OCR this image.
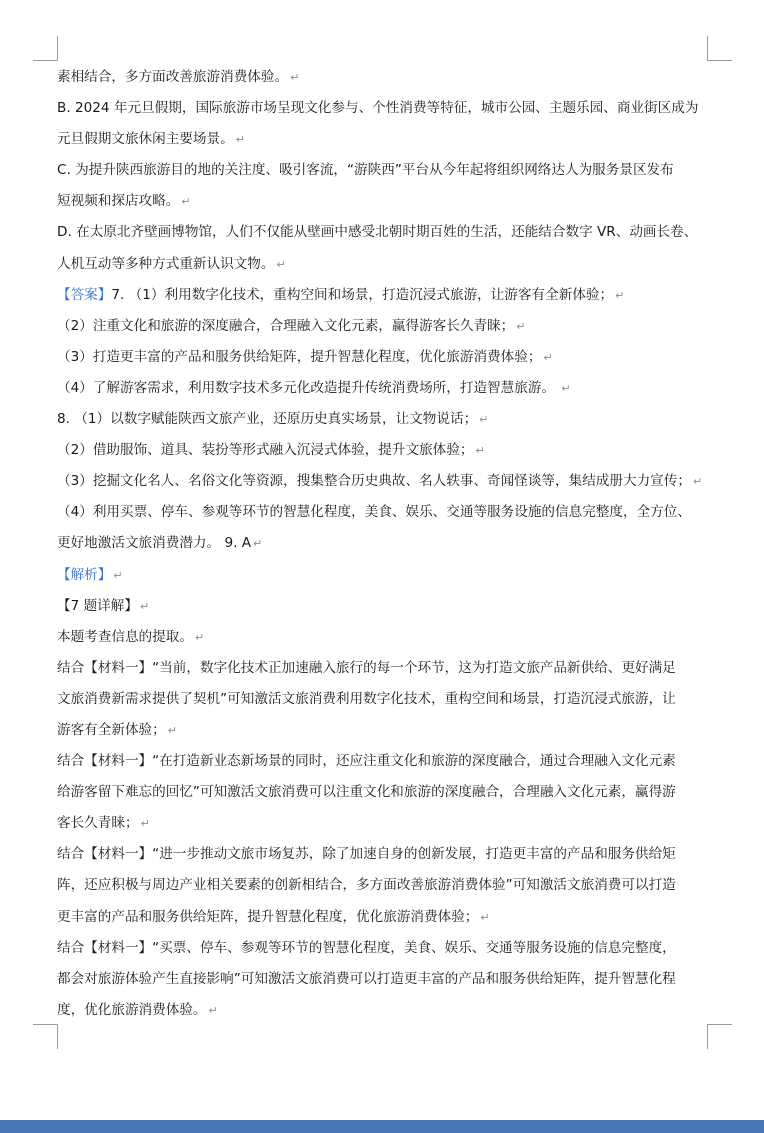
素相结合，多方面改善旅游消费体验。 ↵
B. 2024 年元旦假期，国际旅游市场呈现文化参与、个性消费等特征，城市公园、主题乐园、商业街区成为
元旦假期文旅休闲主要场景。 ↵
C. 为提升陕西旅游目的地的关注度、吸引客流，“游陕西”平台从今年起将组织网络达人为服务景区发布
短视频和探店攻略。 ↵
D. 在太原北齐壁画博物馆，人们不仅能从壁画中感受北朝时期百姓的生活，还能结合数字 VR、动画长卷、
人机互动等多种方式重新认识文物。 ↵
【答案】7. （1）利用数字化技术，重构空间和场景，打造沉浸式旅游，让游客有全新体验； ↵
（2）注重文化和旅游的深度融合，合理融入文化元素，赢得游客长久青睐； ↵
（3）打造更丰富的产品和服务供给矩阵，提升智慧化程度，优化旅游消费体验； ↵
（4）了解游客需求，利用数字技术多元化改造提升传统消费场所，打造智慧旅游。 ↵
8. （1）以数字赋能陕西文旅产业，还原历史真实场景，让文物说话； ↵
（2）借助服饰、道具、装扮等形式融入沉浸式体验，提升文旅体验； ↵
（3）挖掘文化名人、名俗文化等资源，搜集整合历史典故、名人轶事、奇闻怪谈等，集结成册大力宣传； ↵
（4）利用买票、停车、参观等环节的智慧化程度，美食、娱乐、交通等服务设施的信息完整度，全方位、
更好地激活文旅消费潜力。 9. A ↵
【解析】 ↵
【7 题详解】 ↵
本题考查信息的提取。 ↵
结合【材料一】“当前，数字化技术正加速融入旅行的每一个环节，这为打造文旅产品新供给、更好满足
文旅消费新需求提供了契机”可知激活文旅消费利用数字化技术，重构空间和场景，打造沉浸式旅游，让
游客有全新体验； ↵
结合【材料一】“在打造新业态新场景的同时，还应注重文化和旅游的深度融合，通过合理融入文化元素
给游客留下难忘的回忆”可知激活文旅消费可以注重文化和旅游的深度融合，合理融入文化元素，赢得游
客长久青睐； ↵
结合【材料一】“进一步推动文旅市场复苏，除了加速自身的创新发展，打造更丰富的产品和服务供给矩
阵，还应积极与周边产业相关要素的创新相结合，多方面改善旅游消费体验”可知激活文旅消费可以打造
更丰富的产品和服务供给矩阵，提升智慧化程度，优化旅游消费体验； ↵
结合【材料一】“买票、停车、参观等环节的智慧化程度，美食、娱乐、交通等服务设施的信息完整度，
都会对旅游体验产生直接影响”可知激活文旅消费可以打造更丰富的产品和服务供给矩阵，提升智慧化程
度，优化旅游消费体验。 ↵
